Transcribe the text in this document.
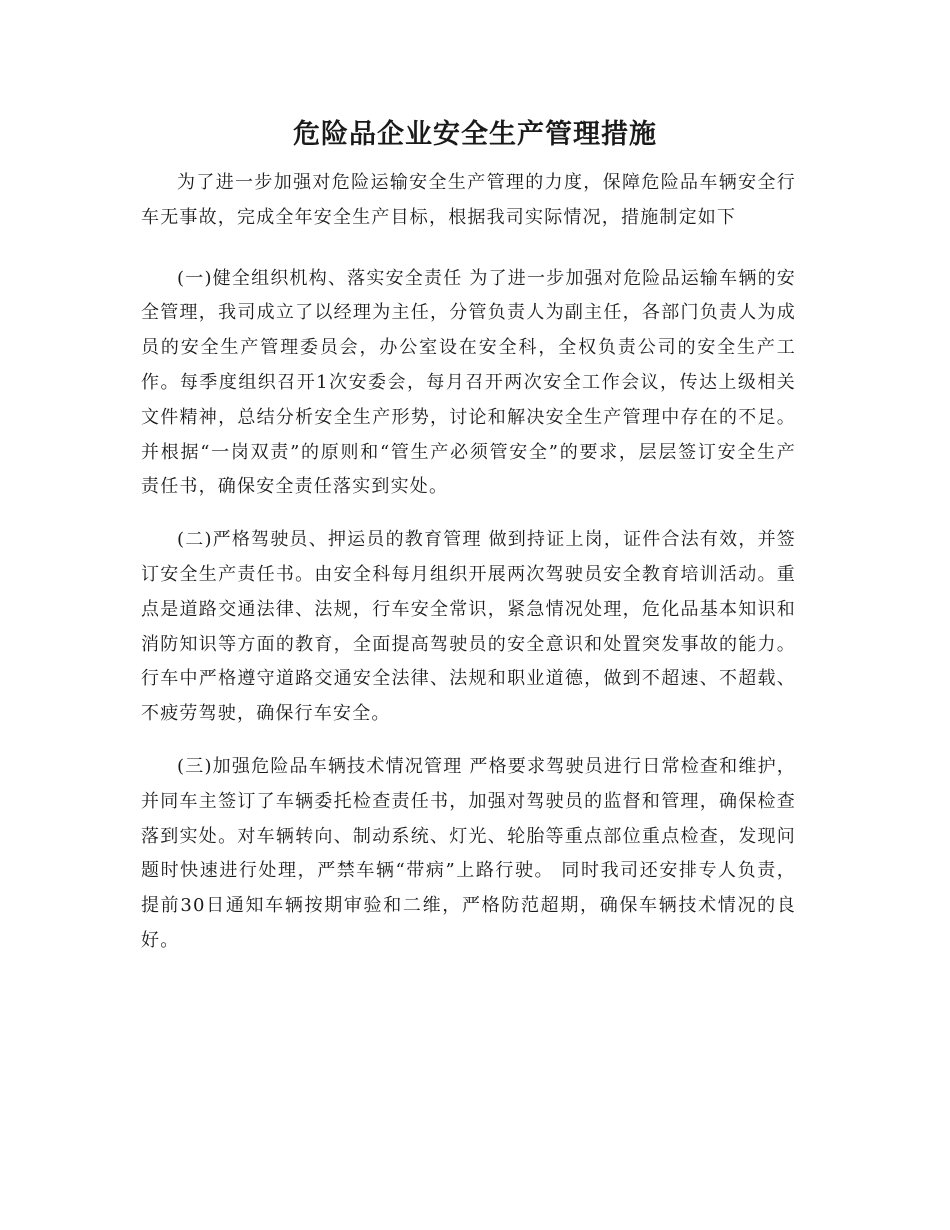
危险品企业安全生产管理措施

为了进一步加强对危险运输安全生产管理的力度，保障危险品车辆安全行车无事故，完成全年安全生产目标，根据我司实际情况，措施制定如下

(一)健全组织机构、落实安全责任 为了进一步加强对危险品运输车辆的安全管理，我司成立了以经理为主任，分管负责人为副主任，各部门负责人为成员的安全生产管理委员会，办公室设在安全科，全权负责公司的安全生产工作。每季度组织召开1次安委会，每月召开两次安全工作会议，传达上级相关文件精神，总结分析安全生产形势，讨论和解决安全生产管理中存在的不足。并根据“一岗双责”的原则和“管生产必须管安全”的要求，层层签订安全生产责任书，确保安全责任落实到实处。

(二)严格驾驶员、押运员的教育管理 做到持证上岗，证件合法有效，并签订安全生产责任书。由安全科每月组织开展两次驾驶员安全教育培训活动。重点是道路交通法律、法规，行车安全常识，紧急情况处理，危化品基本知识和消防知识等方面的教育，全面提高驾驶员的安全意识和处置突发事故的能力。行车中严格遵守道路交通安全法律、法规和职业道德，做到不超速、不超载、不疲劳驾驶，确保行车安全。

(三)加强危险品车辆技术情况管理 严格要求驾驶员进行日常检查和维护，并同车主签订了车辆委托检查责任书，加强对驾驶员的监督和管理，确保检查落到实处。对车辆转向、制动系统、灯光、轮胎等重点部位重点检查，发现问题时快速进行处理，严禁车辆“带病”上路行驶。 同时我司还安排专人负责，提前30日通知车辆按期审验和二维，严格防范超期，确保车辆技术情况的良好。
